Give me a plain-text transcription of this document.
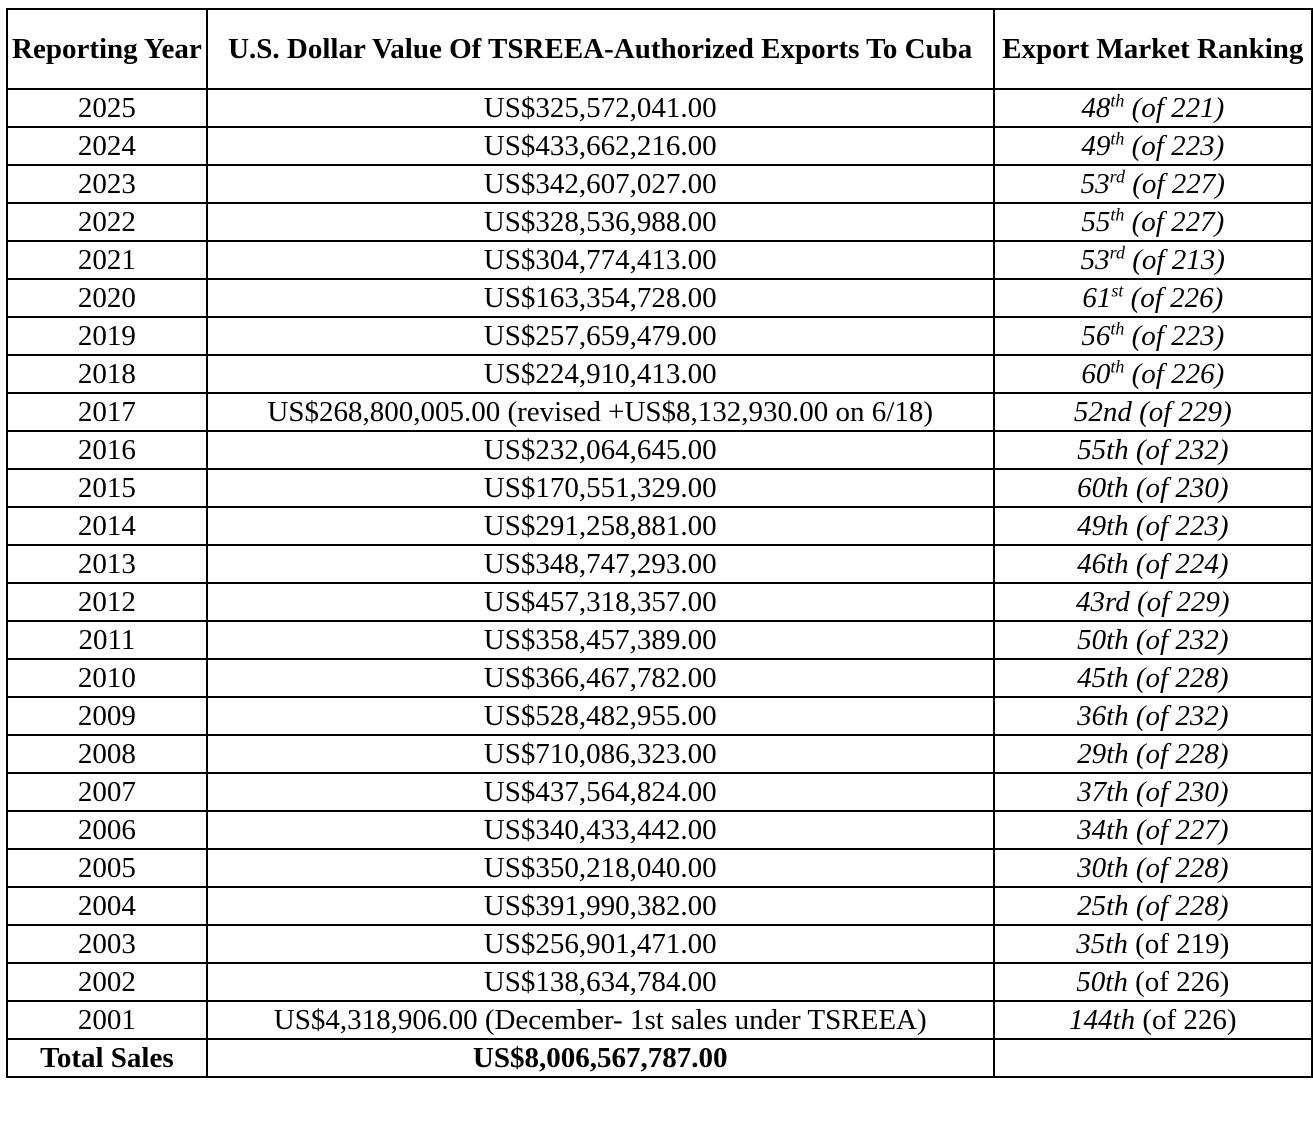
Reporting Year	U.S. Dollar Value Of TSREEA-Authorized Exports To Cuba	Export Market Ranking
2025	US$325,572,041.00	48th (of 221)
2024	US$433,662,216.00	49th (of 223)
2023	US$342,607,027.00	53rd (of 227)
2022	US$328,536,988.00	55th (of 227)
2021	US$304,774,413.00	53rd (of 213)
2020	US$163,354,728.00	61st (of 226)
2019	US$257,659,479.00	56th (of 223)
2018	US$224,910,413.00	60th (of 226)
2017	US$268,800,005.00 (revised +US$8,132,930.00 on 6/18)	52nd (of 229)
2016	US$232,064,645.00	55th (of 232)
2015	US$170,551,329.00	60th (of 230)
2014	US$291,258,881.00	49th (of 223)
2013	US$348,747,293.00	46th (of 224)
2012	US$457,318,357.00	43rd (of 229)
2011	US$358,457,389.00	50th (of 232)
2010	US$366,467,782.00	45th (of 228)
2009	US$528,482,955.00	36th (of 232)
2008	US$710,086,323.00	29th (of 228)
2007	US$437,564,824.00	37th (of 230)
2006	US$340,433,442.00	34th (of 227)
2005	US$350,218,040.00	30th (of 228)
2004	US$391,990,382.00	25th (of 228)
2003	US$256,901,471.00	35th (of 219)
2002	US$138,634,784.00	50th (of 226)
2001	US$4,318,906.00 (December- 1st sales under TSREEA)	144th (of 226)
Total Sales	US$8,006,567,787.00	
